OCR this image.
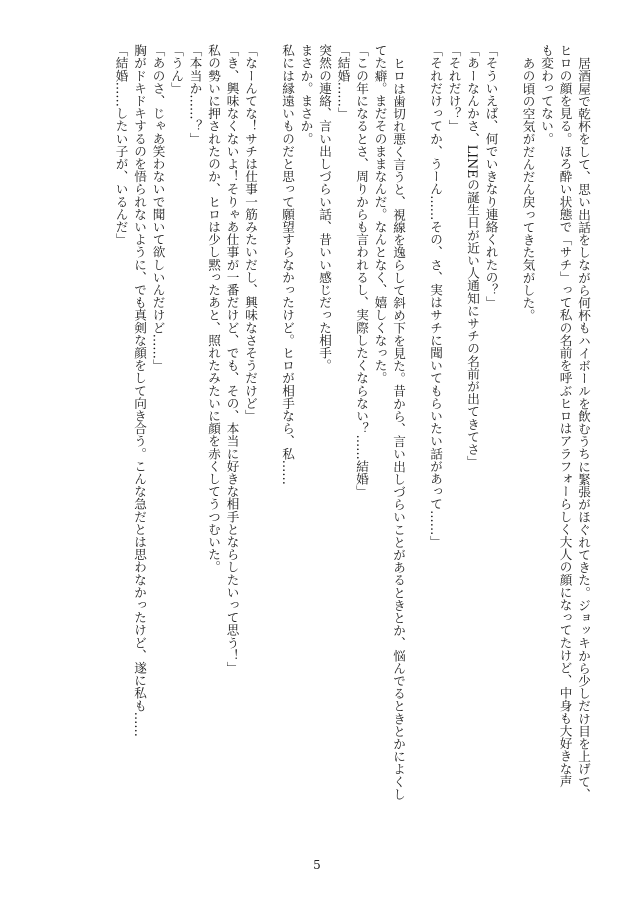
居酒屋で乾杯をして、思い出話をしながら何杯もハイボールを飲むうちに緊張がほぐれてきた。ジョッキから少しだけ目を上げて、
ヒロの顔を見る。ほろ酔い状態で「サチ」って私の名前を呼ぶヒロはアラフォーらしく大人の顔になってたけど、中身も大好きな声
も変わってない。
あの頃の空気がだんだん戻ってきた気がした。
「そういえば、何でいきなり連絡くれたの？」
「あーなんかさ、LINEの誕生日が近い人通知にサチの名前が出てきてさ」
「それだけ？」
「それだけってか、うーん……その、さ、実はサチに聞いてもらいたい話があって……」
ヒロは歯切れ悪く言うと、視線を逸らして斜め下を見た。昔から、言い出しづらいことがあるときとか、悩んでるときとかによくし
てた癖。まだそのままなんだ。なんとなく、嬉しくなった。
「この年になるとさ、周りからも言われるし、実際したくならない？……結婚」
「結婚……」
突然の連絡、言い出しづらい話、昔いい感じだった相手。
まさか。まさか。
私には縁遠いものだと思って願望すらなかったけど。ヒロが相手なら、私……
「なーんてな！サチは仕事一筋みたいだし、興味なさそうだけど」
「き、興味なくないよ！そりゃあ仕事が一番だけど、でも、その、本当に好きな相手とならしたいって思う！」
私の勢いに押されたのか、ヒロは少し黙ったあと、照れたみたいに顔を赤くしてうつむいた。
「本当か……？」
「うん」
「あのさ、じゃあ笑わないで聞いて欲しいんだけど……」
胸がドキドキするのを悟られないように、でも真剣な顔をして向き合う。こんな急だとは思わなかったけど、遂に私も……
「結婚……したい子が、いるんだ」
5
